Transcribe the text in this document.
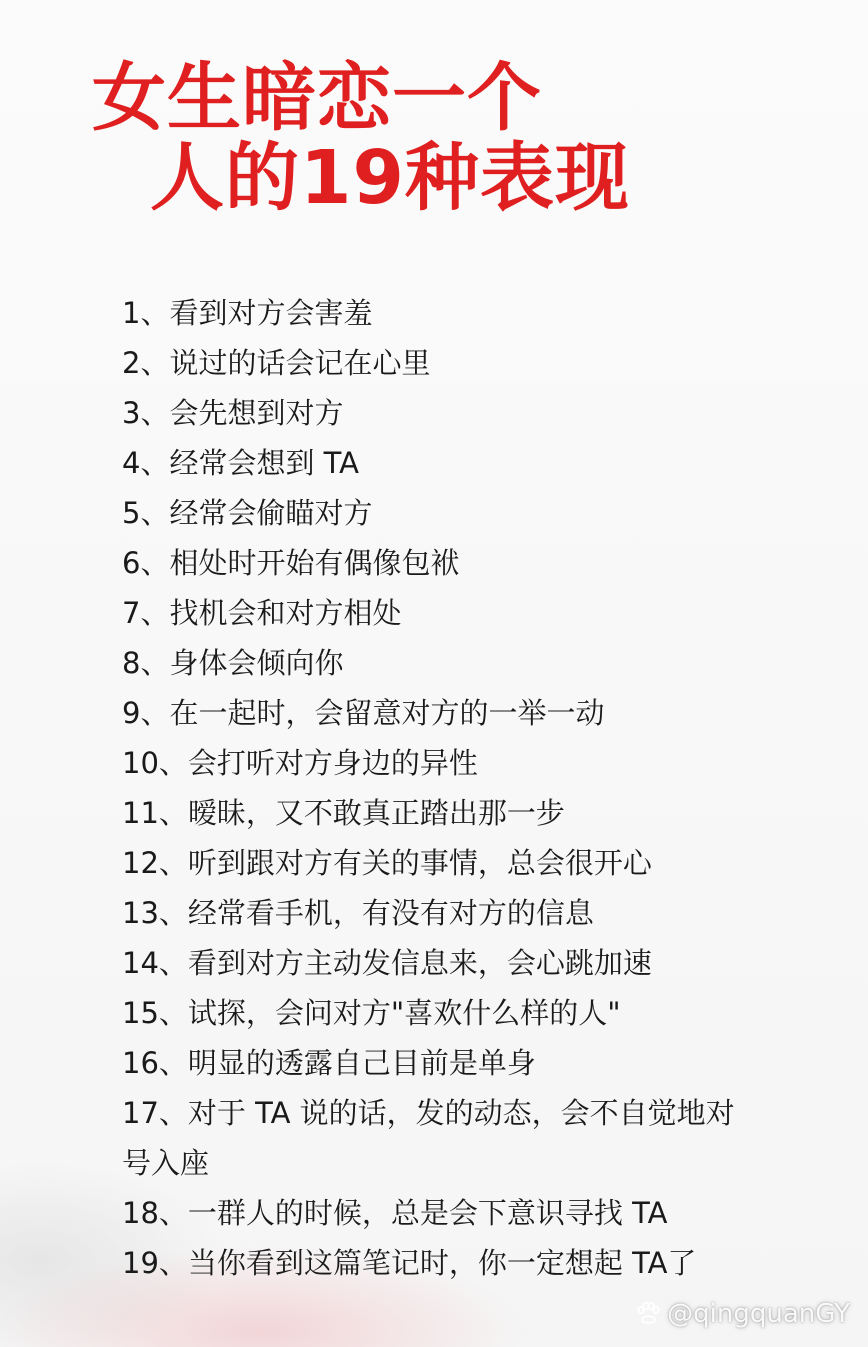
女生暗恋一个
人的19种表现

1、看到对方会害羞

2、说过的话会记在心里

3、会先想到对方

4、经常会想到 TA

5、经常会偷瞄对方

6、相处时开始有偶像包袱

7、找机会和对方相处

8、身体会倾向你

9、在一起时，会留意对方的一举一动

10、会打听对方身边的异性

11、暧昧，又不敢真正踏出那一步

12、听到跟对方有关的事情，总会很开心

13、经常看手机，有没有对方的信息

14、看到对方主动发信息来，会心跳加速

15、试探，会问对方"喜欢什么样的人"

16、明显的透露自己目前是单身

17、对于 TA 说的话，发的动态，会不自觉地对号入座

18、一群人的时候，总是会下意识寻找 TA

19、当你看到这篇笔记时，你一定想起 TA了

@qingquanGY
